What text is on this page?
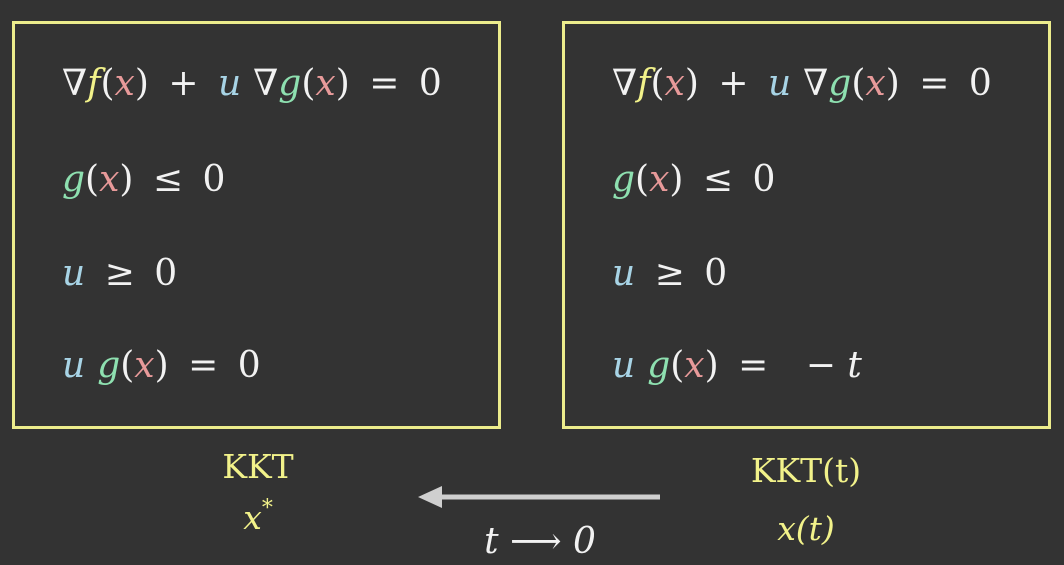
∇f(x) + u ∇g(x) = 0
g(x) ≤ 0
u ≥ 0
u g(x) = 0
∇f(x) + u ∇g(x) = 0
g(x) ≤ 0
u ≥ 0
u g(x) = − t
KKT
x*
KKT(t)
x(t)
t ⟶ 0
